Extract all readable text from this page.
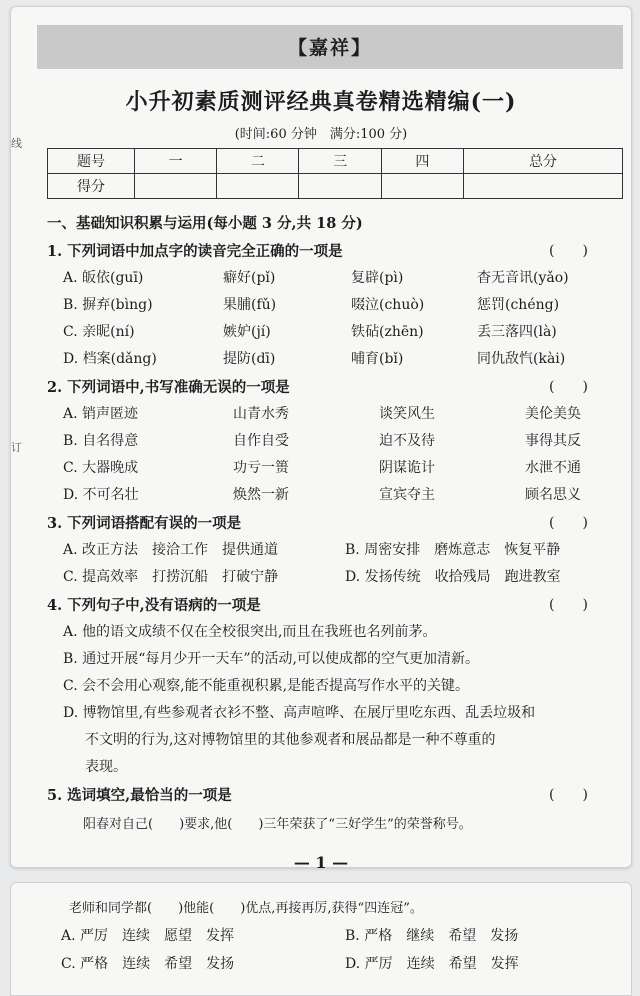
【嘉祥】
小升初素质测评经典真卷精选精编(一)
(时间:60 分钟　满分:100 分)
题号	一	二	三	四	总分
得分					
线
订
一、基础知识积累与运用(每小题 3 分,共 18 分)
1. 下列词语中加点字的读音完全正确的一项是	(　　)
A. 皈依(guī)	癖好(pǐ)	复辟(pì)	杳无音讯(yǎo)
B. 摒弃(bìng)	果脯(fǔ)	啜泣(chuò)	惩罚(chéng)
C. 亲昵(ní)	嫉妒(jí)	铁砧(zhēn)	丢三落四(là)
D. 档案(dǎng)	提防(dī)	哺育(bǐ)	同仇敌忾(kài)
2. 下列词语中,书写准确无误的一项是	(　　)
A. 销声匿迹	山青水秀	谈笑风生	美伦美奂
B. 自名得意	自作自受	迫不及待	事得其反
C. 大器晚成	功亏一篑	阴谋诡计	水泄不通
D. 不可名壮	焕然一新	宣宾夺主	顾名思义
3. 下列词语搭配有误的一项是	(　　)
A. 改正方法　接洽工作　提供通道	B. 周密安排　磨炼意志　恢复平静
C. 提高效率　打捞沉船　打破宁静	D. 发扬传统　收拾残局　跑进教室
4. 下列句子中,没有语病的一项是	(　　)
A. 他的语文成绩不仅在全校很突出,而且在我班也名列前茅。
B. 通过开展“每月少开一天车”的活动,可以使成都的空气更加清新。
C. 会不会用心观察,能不能重视积累,是能否提高写作水平的关键。
D. 博物馆里,有些参观者衣衫不整、高声喧哗、在展厅里吃东西、乱丢垃圾和
不文明的行为,这对博物馆里的其他参观者和展品都是一种不尊重的
表现。
5. 选词填空,最恰当的一项是	(　　)
阳春对自己(　　)要求,他(　　)三年荣获了“三好学生”的荣誉称号。
— 1 —
老师和同学都(　　)他能(　　)优点,再接再厉,获得“四连冠”。
A. 严厉　连续　愿望　发挥	B. 严格　继续　希望　发扬
C. 严格　连续　希望　发扬	D. 严厉　连续　希望　发挥
